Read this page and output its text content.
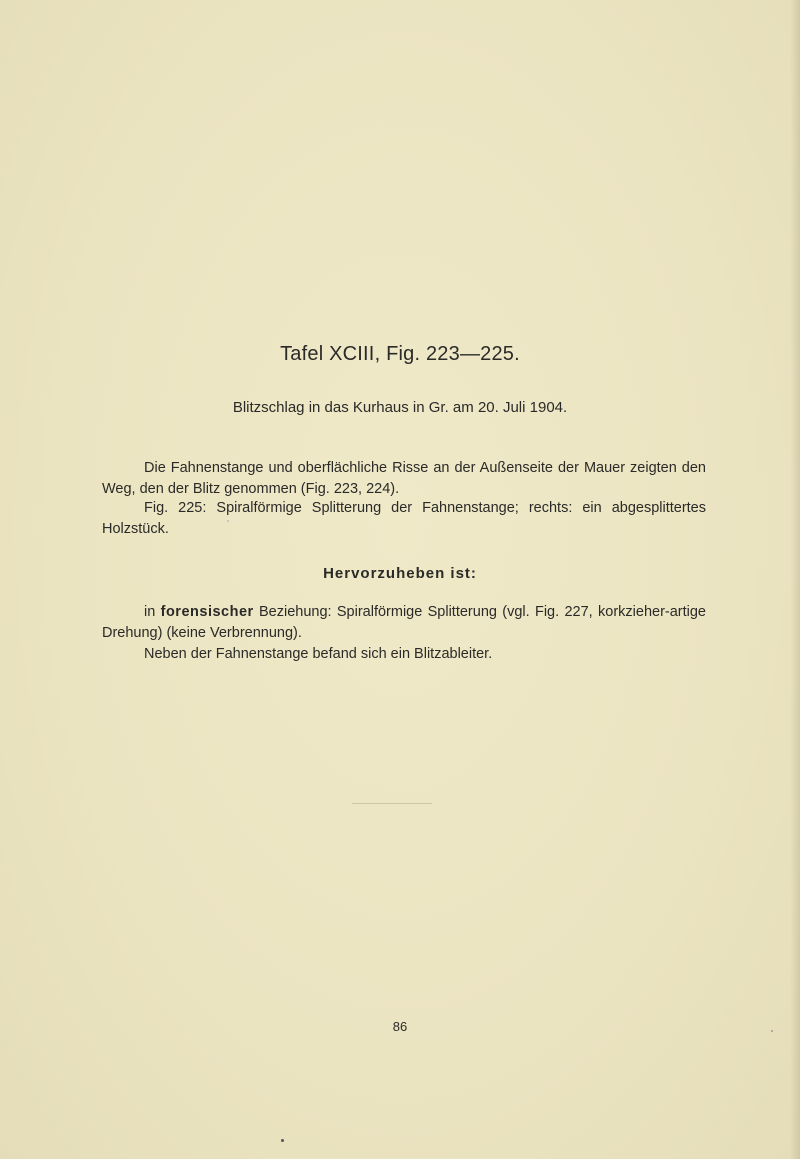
Tafel XCIII, Fig. 223—225.
Blitzschlag in das Kurhaus in Gr. am 20. Juli 1904.
Die Fahnenstange und oberflächliche Risse an der Außenseite der Mauer zeigten den Weg, den der Blitz genommen (Fig. 223, 224).
Fig. 225: Spiralförmige Splitterung der Fahnenstange; rechts: ein abgesplittertes Holzstück.
Hervorzuheben ist:
in forensischer Beziehung: Spiralförmige Splitterung (vgl. Fig. 227, korkzieher-artige Drehung) (keine Verbrennung).
Neben der Fahnenstange befand sich ein Blitzableiter.
86
